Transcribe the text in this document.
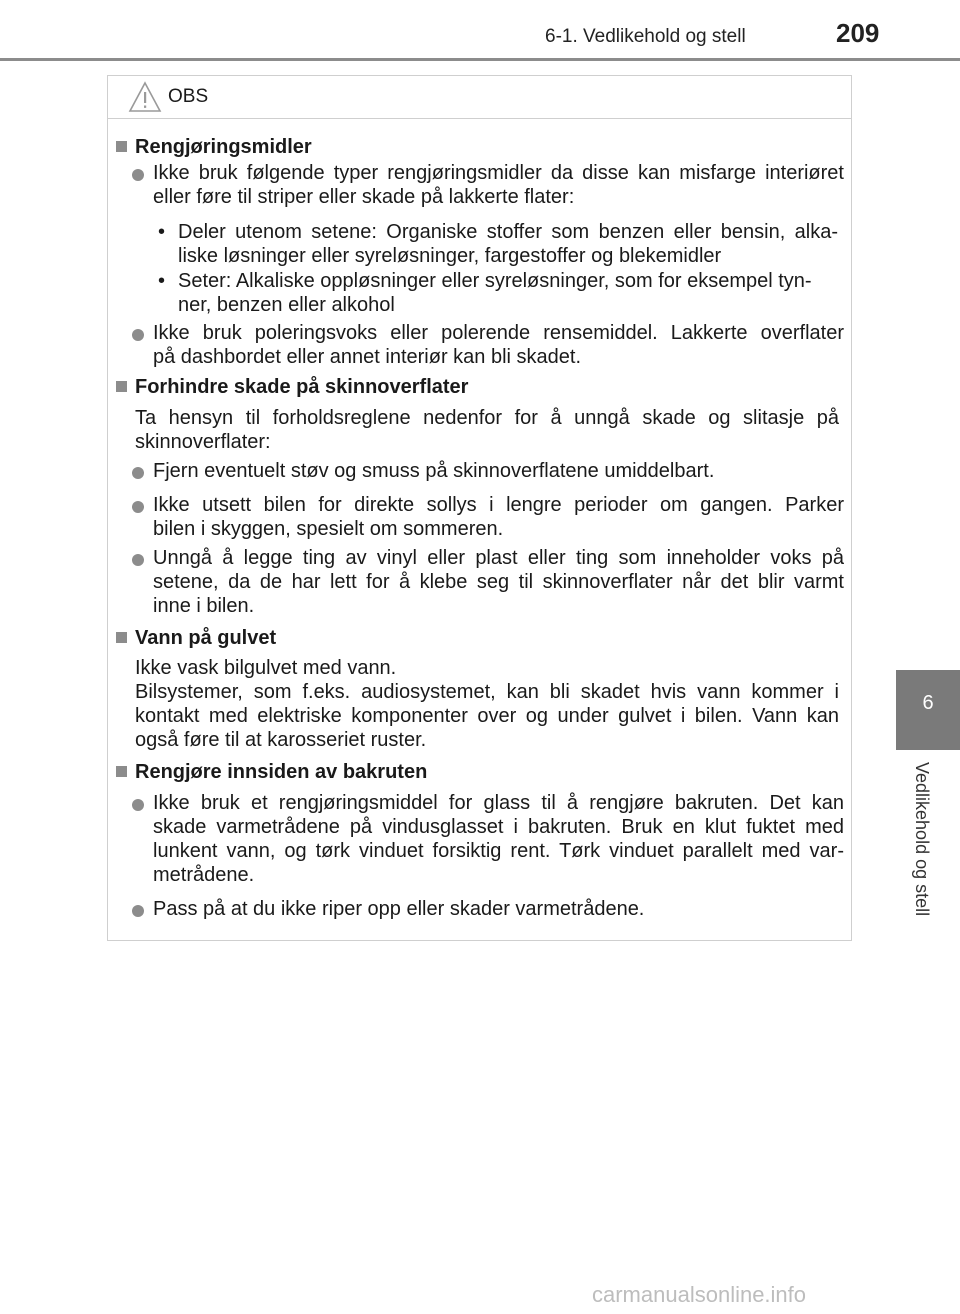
6-1. Vedlikehold og stell	209
6
Vedlikehold og stell
OBS
Rengjøringsmidler
Ikke bruk følgende typer rengjøringsmidler da disse kan misfarge interiøret
eller føre til striper eller skade på lakkerte flater:
• Deler utenom setene: Organiske stoffer som benzen eller bensin, alka-
liske løsninger eller syreløsninger, fargestoffer og blekemidler
• Seter: Alkaliske oppløsninger eller syreløsninger, som for eksempel tyn-
ner, benzen eller alkohol
Ikke bruk poleringsvoks eller polerende rensemiddel. Lakkerte overflater
på dashbordet eller annet interiør kan bli skadet.
Forhindre skade på skinnoverflater
Ta hensyn til forholdsreglene nedenfor for å unngå skade og slitasje på
skinnoverflater:
Fjern eventuelt støv og smuss på skinnoverflatene umiddelbart.
Ikke utsett bilen for direkte sollys i lengre perioder om gangen. Parker
bilen i skyggen, spesielt om sommeren.
Unngå å legge ting av vinyl eller plast eller ting som inneholder voks på
setene, da de har lett for å klebe seg til skinnoverflater når det blir varmt
inne i bilen.
Vann på gulvet
Ikke vask bilgulvet med vann.
Bilsystemer, som f.eks. audiosystemet, kan bli skadet hvis vann kommer i
kontakt med elektriske komponenter over og under gulvet i bilen. Vann kan
også føre til at karosseriet ruster.
Rengjøre innsiden av bakruten
Ikke bruk et rengjøringsmiddel for glass til å rengjøre bakruten. Det kan
skade varmetrådene på vindusglasset i bakruten. Bruk en klut fuktet med
lunkent vann, og tørk vinduet forsiktig rent. Tørk vinduet parallelt med var-
metrådene.
Pass på at du ikke riper opp eller skader varmetrådene.
carmanualsonline.info
